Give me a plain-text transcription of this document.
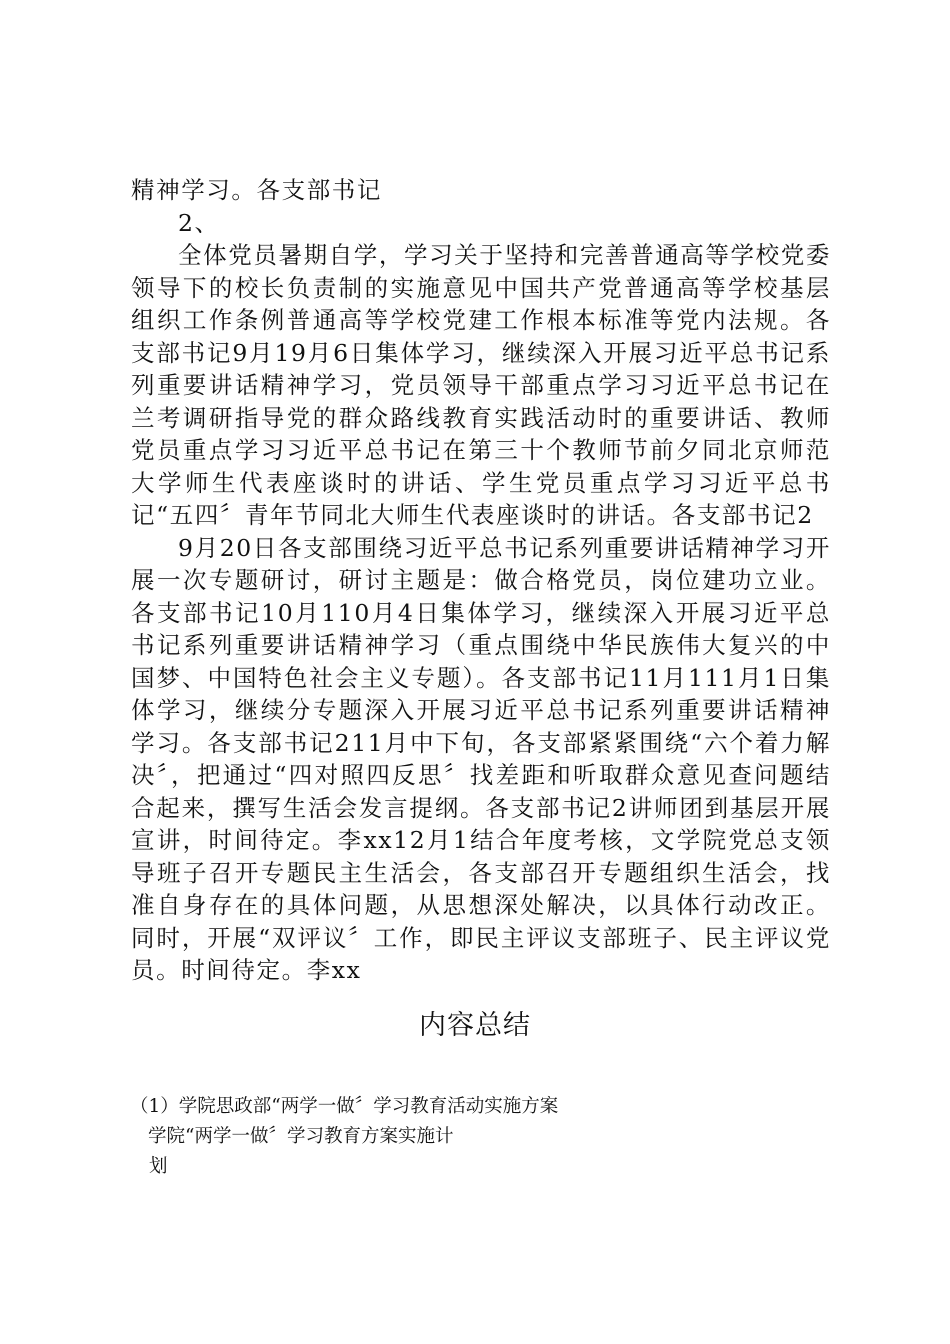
精神学习。各支部书记

2、

全体党员暑期自学，学习关于坚持和完善普通高等学校党委领导下的校长负责制的实施意见中国共产党普通高等学校基层组织工作条例普通高等学校党建工作根本标准等党内法规。各支部书记9月19月6日集体学习，继续深入开展习近平总书记系列重要讲话精神学习，党员领导干部重点学习习近平总书记在兰考调研指导党的群众路线教育实践活动时的重要讲话、教师党员重点学习习近平总书记在第三十个教师节前夕同北京师范大学师生代表座谈时的讲话、学生党员重点学习习近平总书记“五四〞青年节同北大师生代表座谈时的讲话。各支部书记2

9月20日各支部围绕习近平总书记系列重要讲话精神学习开展一次专题研讨，研讨主题是：做合格党员，岗位建功立业。各支部书记10月110月4日集体学习，继续深入开展习近平总书记系列重要讲话精神学习（重点围绕中华民族伟大复兴的中国梦、中国特色社会主义专题）。各支部书记11月111月1日集体学习，继续分专题深入开展习近平总书记系列重要讲话精神学习。各支部书记211月中下旬，各支部紧紧围绕“六个着力解决〞，把通过“四对照四反思〞找差距和听取群众意见查问题结合起来，撰写生活会发言提纲。各支部书记2讲师团到基层开展宣讲，时间待定。李xx12月1结合年度考核，文学院党总支领导班子召开专题民主生活会，各支部召开专题组织生活会，找准自身存在的具体问题，从思想深处解决，以具体行动改正。同时，开展“双评议〞工作，即民主评议支部班子、民主评议党员。时间待定。李xx

内容总结

（1）学院思政部“两学一做〞学习教育活动实施方案

学院“两学一做〞学习教育方案实施计

划
